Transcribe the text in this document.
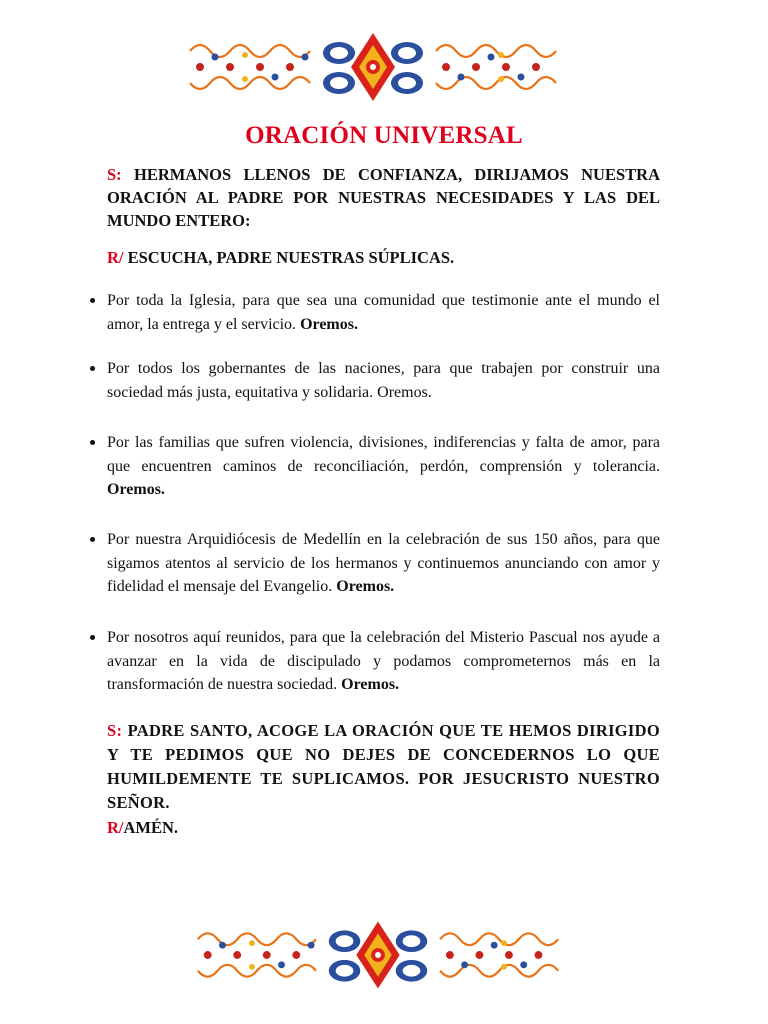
ORACIÓN UNIVERSAL
S: HERMANOS LLENOS DE CONFIANZA, DIRIJAMOS NUESTRA ORACIÓN AL PADRE POR NUESTRAS NECESIDADES Y LAS DEL MUNDO ENTERO:
R/ ESCUCHA, PADRE NUESTRAS SÚPLICAS.
Por toda la Iglesia, para que sea una comunidad que testimonie ante el mundo el amor, la entrega y el servicio. Oremos.
Por todos los gobernantes de las naciones, para que trabajen por construir una sociedad más justa, equitativa y solidaria. Oremos.
Por las familias que sufren violencia, divisiones, indiferencias y falta de amor, para que encuentren caminos de reconciliación, perdón, comprensión y tolerancia. Oremos.
Por nuestra Arquidiócesis de Medellín en la celebración de sus 150 años, para que sigamos atentos al servicio de los hermanos y continuemos anunciando con amor y fidelidad el mensaje del Evangelio. Oremos.
Por nosotros aquí reunidos, para que la celebración del Misterio Pascual nos ayude a avanzar en la vida de discipulado y podamos comprometernos más en la transformación de nuestra sociedad. Oremos.
S: PADRE SANTO, ACOGE LA ORACIÓN QUE TE HEMOS DIRIGIDO Y TE PEDIMOS QUE NO DEJES DE CONCEDERNOS LO QUE HUMILDEMENTE TE SUPLICAMOS. POR JESUCRISTO NUESTRO SEÑOR.
R/AMÉN.
